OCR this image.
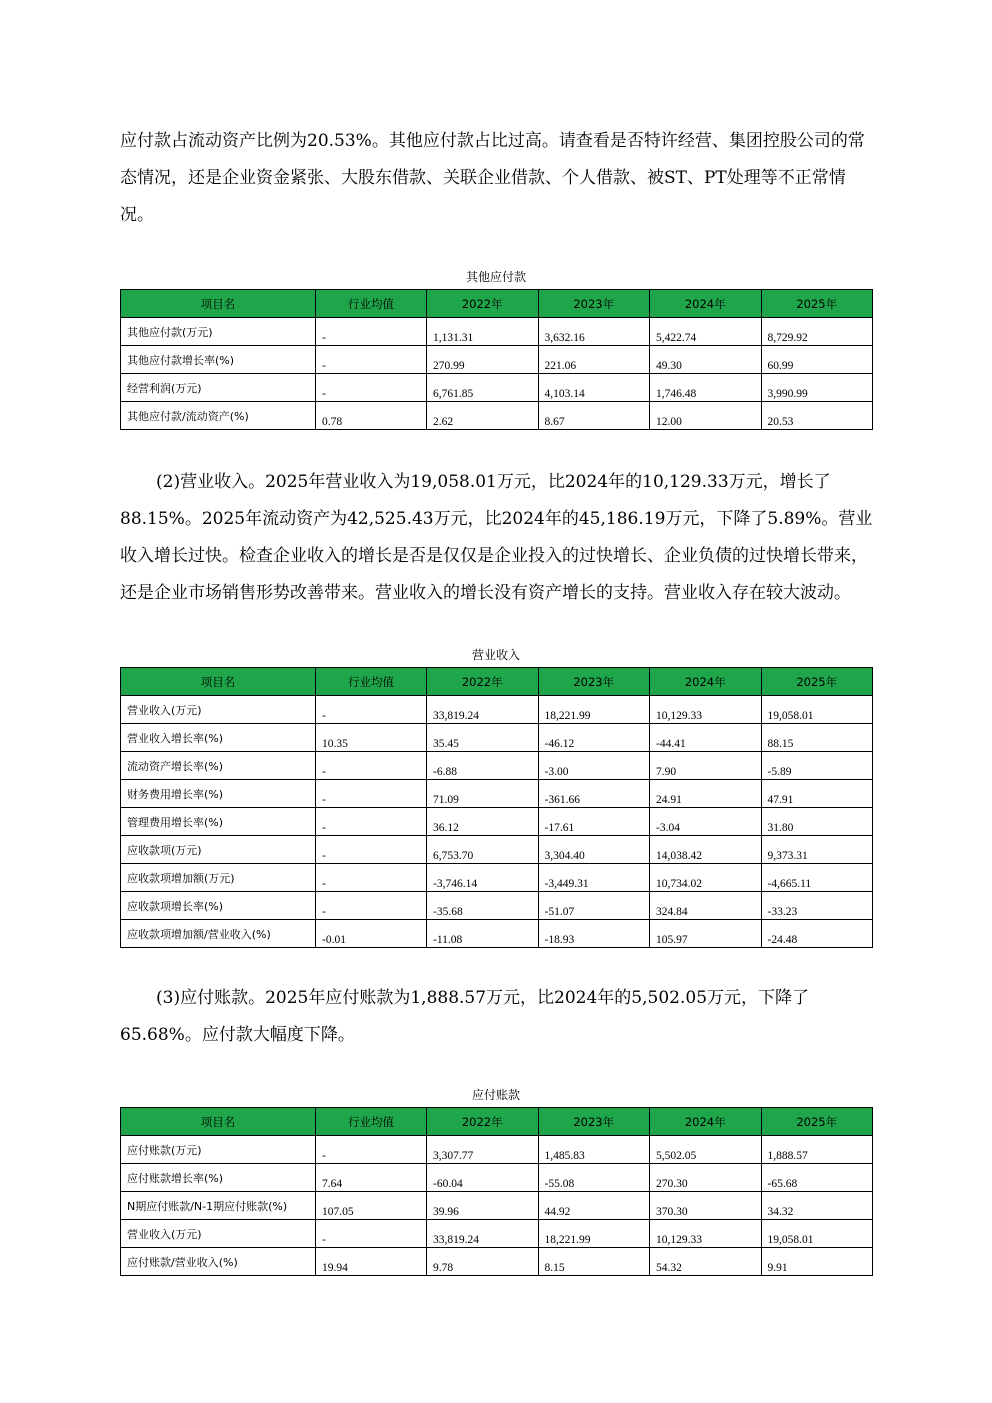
应付款占流动资产比例为20.53%。其他应付款占比过高。请查看是否特许经营、集团控股公司的常态情况，还是企业资金紧张、大股东借款、关联企业借款、个人借款、被ST、PT处理等不正常情况。

其他应付款
项目名	行业均值	2022年	2023年	2024年	2025年
其他应付款(万元)	-	1,131.31	3,632.16	5,422.74	8,729.92
其他应付款增长率(%)	-	270.99	221.06	49.30	60.99
经营利润(万元)	-	6,761.85	4,103.14	1,746.48	3,990.99
其他应付款/流动资产(%)	0.78	2.62	8.67	12.00	20.53

(2)营业收入。2025年营业收入为19,058.01万元，比2024年的10,129.33万元，增长了88.15%。2025年流动资产为42,525.43万元，比2024年的45,186.19万元，下降了5.89%。营业收入增长过快。检查企业收入的增长是否是仅仅是企业投入的过快增长、企业负债的过快增长带来，还是企业市场销售形势改善带来。营业收入的增长没有资产增长的支持。营业收入存在较大波动。

营业收入
项目名	行业均值	2022年	2023年	2024年	2025年
营业收入(万元)	-	33,819.24	18,221.99	10,129.33	19,058.01
营业收入增长率(%)	10.35	35.45	-46.12	-44.41	88.15
流动资产增长率(%)	-	-6.88	-3.00	7.90	-5.89
财务费用增长率(%)	-	71.09	-361.66	24.91	47.91
管理费用增长率(%)	-	36.12	-17.61	-3.04	31.80
应收款项(万元)	-	6,753.70	3,304.40	14,038.42	9,373.31
应收款项增加额(万元)	-	-3,746.14	-3,449.31	10,734.02	-4,665.11
应收款项增长率(%)	-	-35.68	-51.07	324.84	-33.23
应收款项增加额/营业收入(%)	-0.01	-11.08	-18.93	105.97	-24.48

(3)应付账款。2025年应付账款为1,888.57万元，比2024年的5,502.05万元，下降了65.68%。应付款大幅度下降。

应付账款
项目名	行业均值	2022年	2023年	2024年	2025年
应付账款(万元)	-	3,307.77	1,485.83	5,502.05	1,888.57
应付账款增长率(%)	7.64	-60.04	-55.08	270.30	-65.68
N期应付账款/N-1期应付账款(%)	107.05	39.96	44.92	370.30	34.32
营业收入(万元)	-	33,819.24	18,221.99	10,129.33	19,058.01
应付账款/营业收入(%)	19.94	9.78	8.15	54.32	9.91
